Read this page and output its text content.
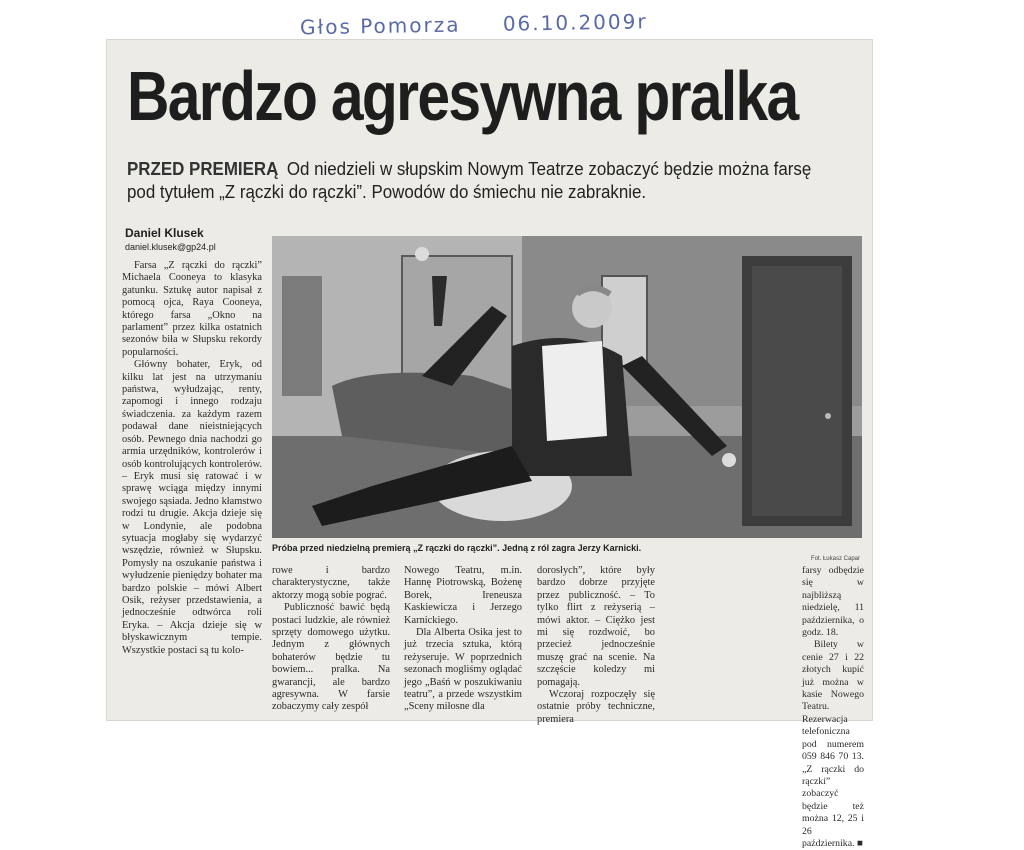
Głos Pomorza 06.10.2009r
Bardzo agresywna pralka
PRZED PREMIERĄ Od niedzieli w słupskim Nowym Teatrze zobaczyć będzie można farsę pod tytułem „Z rączki do rączki”. Powodów do śmiechu nie zabraknie.
Daniel Klusek
daniel.klusek@gp24.pl
Próba przed niedzielną premierą „Z rączki do rączki”. Jedną z ról zagra Jerzy Karnicki.
Fot. Łukasz Capar

Farsa „Z rączki do rączki” Michaela Cooneya to klasyka gatunku. Sztukę autor napisał z pomocą ojca, Raya Cooneya, którego farsa „Okno na parlament” przez kilka ostatnich sezonów biła w Słupsku rekordy popularności.

Główny bohater, Eryk, od kilku lat jest na utrzymaniu państwa, wyłudzając, renty, zapomogi i innego rodzaju świadczenia. za każdym razem podawał dane nieistniejących osób. Pewnego dnia nachodzi go armia urzędników, kontrolerów i osób kontrolujących kontrolerów. – Eryk musi się ratować i w sprawę wciąga między innymi swojego sąsiada. Jedno kłamstwo rodzi tu drugie. Akcja dzieje się w Londynie, ale podobna sytuacja mogłaby się wydarzyć wszędzie, również w Słupsku. Pomysły na oszukanie państwa i wyłudzenie pieniędzy bohater ma bardzo polskie – mówi Albert Osik, reżyser przedstawienia, a jednocześnie odtwórca roli Eryka. – Akcja dzieje się w błyskawicznym tempie. Wszystkie postaci są tu kolo-

rowe i bardzo charakterystyczne, także aktorzy mogą sobie pograć.

Publiczność bawić będą postaci ludzkie, ale również sprzęty domowego użytku. Jednym z głównych bohaterów będzie tu bowiem... pralka. Na gwarancji, ale bardzo agresywna. W farsie zobaczymy cały zespół

Nowego Teatru, m.in. Hannę Piotrowską, Bożenę Borek, Ireneusza Kaskiewicza i Jerzego Karnickiego.

Dla Alberta Osika jest to już trzecia sztuka, którą reżyseruje. W poprzednich sezonach mogliśmy oglądać jego „Baśń w poszukiwaniu teatru”, a przede wszystkim „Sceny miłosne dla

dorosłych”, które były bardzo dobrze przyjęte przez publiczność. – To tylko flirt z reżyserią – mówi aktor. – Ciężko jest mi się rozdwoić, bo przecież jednocześnie muszę grać na scenie. Na szczęście koledzy mi pomagają.

Wczoraj rozpoczęły się ostatnie próby techniczne, premiera

farsy odbędzie się w najbliższą niedzielę, 11 października, o godz. 18.

Bilety w cenie 27 i 22 złotych kupić już można w kasie Nowego Teatru. Rezerwacja telefoniczna pod numerem 059 846 70 13. „Z rączki do rączki” zobaczyć będzie też można 12, 25 i 26 października. ■
